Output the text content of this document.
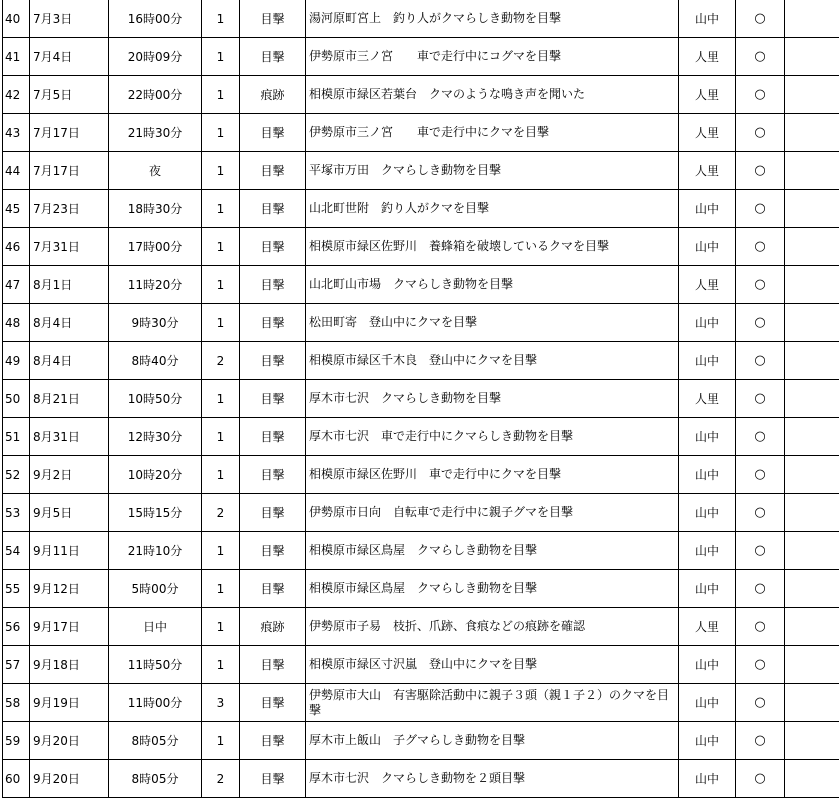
40	7月3日	16時00分	1	目撃	湯河原町宮上　釣り人がクマらしき動物を目撃	山中	○	
41	7月4日	20時09分	1	目撃	伊勢原市三ノ宮　　車で走行中にコグマを目撃	人里	○	
42	7月5日	22時00分	1	痕跡	相模原市緑区若葉台　クマのような鳴き声を聞いた	人里	○	
43	7月17日	21時30分	1	目撃	伊勢原市三ノ宮　　車で走行中にクマを目撃	人里	○	
44	7月17日	夜	1	目撃	平塚市万田　クマらしき動物を目撃	人里	○	
45	7月23日	18時30分	1	目撃	山北町世附　釣り人がクマを目撃	山中	○	
46	7月31日	17時00分	1	目撃	相模原市緑区佐野川　養蜂箱を破壊しているクマを目撃	山中	○	
47	8月1日	11時20分	1	目撃	山北町山市場　クマらしき動物を目撃	人里	○	
48	8月4日	9時30分	1	目撃	松田町寄　登山中にクマを目撃	山中	○	
49	8月4日	8時40分	2	目撃	相模原市緑区千木良　登山中にクマを目撃	山中	○	
50	8月21日	10時50分	1	目撃	厚木市七沢　クマらしき動物を目撃	人里	○	
51	8月31日	12時30分	1	目撃	厚木市七沢　車で走行中にクマらしき動物を目撃	山中	○	
52	9月2日	10時20分	1	目撃	相模原市緑区佐野川　車で走行中にクマを目撃	山中	○	
53	9月5日	15時15分	2	目撃	伊勢原市日向　自転車で走行中に親子グマを目撃	山中	○	
54	9月11日	21時10分	1	目撃	相模原市緑区鳥屋　クマらしき動物を目撃	山中	○	
55	9月12日	5時00分	1	目撃	相模原市緑区鳥屋　クマらしき動物を目撃	山中	○	
56	9月17日	日中	1	痕跡	伊勢原市子易　枝折、爪跡、食痕などの痕跡を確認	人里	○	
57	9月18日	11時50分	1	目撃	相模原市緑区寸沢嵐　登山中にクマを目撃	山中	○	
58	9月19日	11時00分	3	目撃	伊勢原市大山　有害駆除活動中に親子３頭（親１子２）のクマを目撃	山中	○	
59	9月20日	8時05分	1	目撃	厚木市上飯山　子グマらしき動物を目撃	山中	○	
60	9月20日	8時05分	2	目撃	厚木市七沢　クマらしき動物を２頭目撃	山中	○	
